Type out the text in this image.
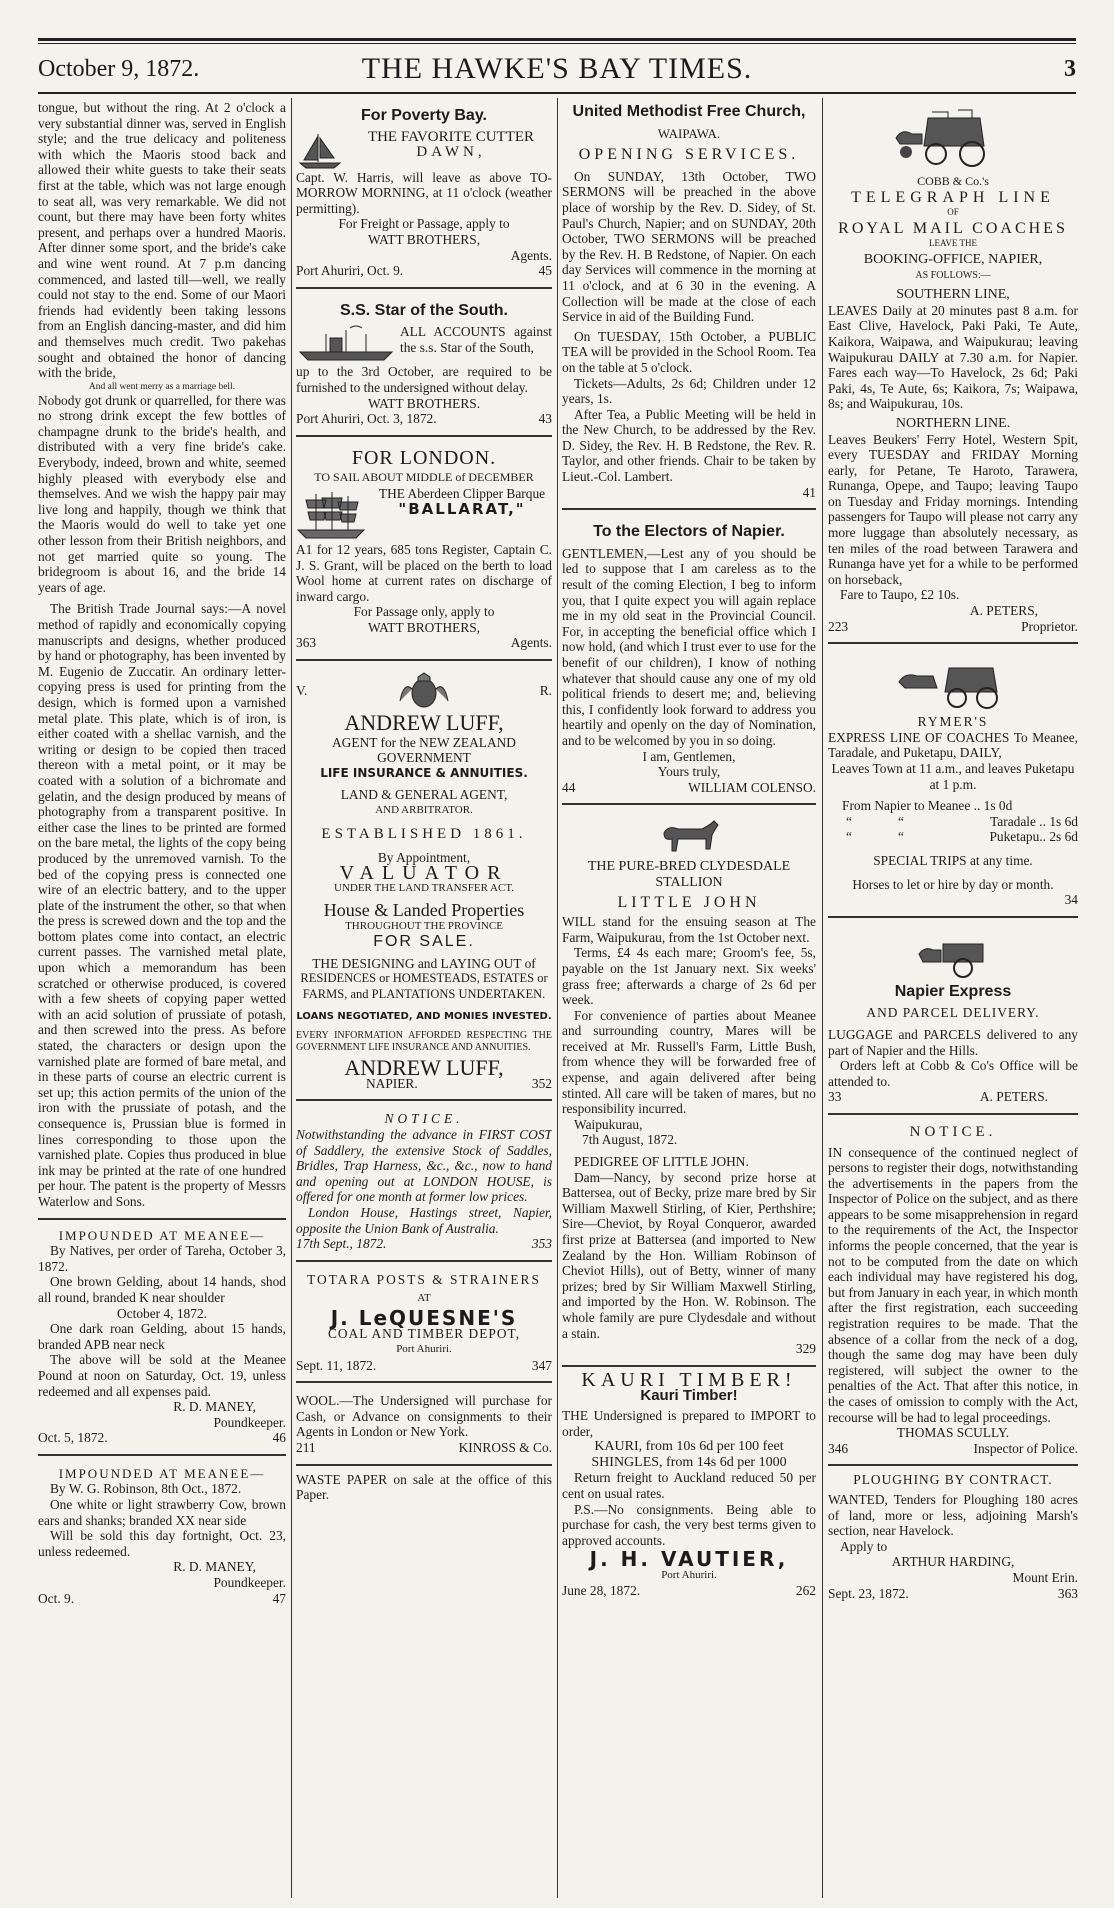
October 9, 1872.	THE HAWKE'S BAY TIMES.	3

tongue, but without the ring. At 2 o'clock a very substantial dinner was, served in English style; and the true delicacy and politeness with which the Maoris stood back and allowed their white guests to take their seats first at the table, which was not large enough to seat all, was very remarkable. We did not count, but there may have been forty whites present, and perhaps over a hundred Maoris. After dinner some sport, and the bride's cake and wine went round. At 7 p.m dancing commenced, and lasted till—well, we really could not stay to the end. Some of our Maori friends had evidently been taking lessons from an English dancing-master, and did him and themselves much credit. Two pakehas sought and obtained the honor of dancing with the bride,

And all went merry as a marriage bell.

Nobody got drunk or quarrelled, for there was no strong drink except the few bottles of champagne drunk to the bride's health, and distributed with a very fine bride's cake. Everybody, indeed, brown and white, seemed highly pleased with everybody else and themselves. And we wish the happy pair may live long and happily, though we think that the Maoris would do well to take yet one other lesson from their British neighbors, and not get married quite so young. The bridegroom is about 16, and the bride 14 years of age.

The British Trade Journal says:—A novel method of rapidly and economically copying manuscripts and designs, whether produced by hand or photography, has been invented by M. Eugenio de Zuccatir. An ordinary letter-copying press is used for printing from the design, which is formed upon a varnished metal plate. This plate, which is of iron, is either coated with a shellac varnish, and the writing or design to be copied then traced thereon with a metal point, or it may be coated with a solution of a bichromate and gelatin, and the design produced by means of photography from a transparent positive. In either case the lines to be printed are formed on the bare metal, the lights of the copy being produced by the unremoved varnish. To the bed of the copying press is connected one wire of an electric battery, and to the upper plate of the instrument the other, so that when the press is screwed down and the top and the bottom plates come into contact, an electric current passes. The varnished metal plate, upon which a memorandum has been scratched or otherwise produced, is covered with a few sheets of copying paper wetted with an acid solution of prussiate of potash, and then screwed into the press. As before stated, the characters or design upon the varnished plate are formed of bare metal, and in these parts of course an electric current is set up; this action permits of the union of the iron with the prussiate of potash, and the consequence is, Prussian blue is formed in lines corresponding to those upon the varnished plate. Copies thus produced in blue ink may be printed at the rate of one hundred per hour. The patent is the property of Messrs Waterlow and Sons.

IMPOUNDED AT MEANEE—

By Natives, per order of Tareha, October 3, 1872.

One brown Gelding, about 14 hands, shod all round, branded K near shoulder

October 4, 1872.

One dark roan Gelding, about 15 hands, branded APB near neck

The above will be sold at the Meanee Pound at noon on Saturday, Oct. 19, unless redeemed and all expenses paid.

R. D. MANEY,

Poundkeeper.

Oct. 5, 1872.	46

IMPOUNDED AT MEANEE—

By W. G. Robinson, 8th Oct., 1872.

One white or light strawberry Cow, brown ears and shanks; branded XX near side

Will be sold this day fortnight, Oct. 23, unless redeemed.

R. D. MANEY,

Poundkeeper.

Oct. 9.	47
For Poverty Bay.

THE FAVORITE CUTTER

DAWN,

Capt. W. Harris, will leave as above TO-MORROW MORNING, at 11 o'clock (weather permitting).

For Freight or Passage, apply to

WATT BROTHERS,

Agents.

Port Ahuriri, Oct. 9.	45
S.S. Star of the South.

ALL ACCOUNTS against the s.s. Star of the South,

up to the 3rd October, are required to be furnished to the undersigned without delay.

WATT BROTHERS.

Port Ahuriri, Oct. 3, 1872.	43

FOR LONDON.

TO SAIL ABOUT MIDDLE of DECEMBER

THE Aberdeen Clipper Barque

"BALLARAT,"

A1 for 12 years, 685 tons Register, Captain C. J. S. Grant, will be placed on the berth to load Wool home at current rates on discharge of inward cargo.

For Passage only, apply to

WATT BROTHERS,

363	Agents.
V.	R.

ANDREW LUFF,

AGENT for the NEW ZEALAND GOVERNMENT

LIFE INSURANCE & ANNUITIES.

LAND & GENERAL AGENT,

AND ARBITRATOR.

ESTABLISHED 1861.

By Appointment,

VALUATOR

UNDER THE LAND TRANSFER ACT.

House & Landed Properties

THROUGHOUT THE PROVINCE

FOR SALE.

THE DESIGNING and LAYING OUT of

RESIDENCES or HOMESTEADS, ESTATES or FARMS, and PLANTATIONS UNDERTAKEN.

LOANS NEGOTIATED, AND MONIES INVESTED.

EVERY INFORMATION AFFORDED RESPECTING THE GOVERNMENT LIFE INSURANCE AND ANNUITIES.

ANDREW LUFF,

NAPIER.	352

NOTICE.

Notwithstanding the advance in FIRST COST of Saddlery, the extensive Stock of Saddles, Bridles, Trap Harness, &c., &c., now to hand and opening out at LONDON HOUSE, is offered for one month at former low prices.

London House, Hastings street, Napier, opposite the Union Bank of Australia.

17th Sept., 1872.	353

TOTARA POSTS & STRAINERS

AT

J. LeQUESNE'S

COAL AND TIMBER DEPOT,

Port Ahuriri.

Sept. 11, 1872.	347

WOOL.—The Undersigned will purchase for Cash, or Advance on consignments to their Agents in London or New York.

211	KINROSS & Co.

WASTE PAPER on sale at the office of this Paper.

United Methodist Free Church,

WAIPAWA.

OPENING SERVICES.

On SUNDAY, 13th October, TWO SERMONS will be preached in the above place of worship by the Rev. D. Sidey, of St. Paul's Church, Napier; and on SUNDAY, 20th October, TWO SERMONS will be preached by the Rev. H. B Redstone, of Napier. On each day Services will commence in the morning at 11 o'clock, and at 6 30 in the evening. A Collection will be made at the close of each Service in aid of the Building Fund.

On TUESDAY, 15th October, a PUBLIC TEA will be provided in the School Room. Tea on the table at 5 o'clock.

Tickets—Adults, 2s 6d; Children under 12 years, 1s.

After Tea, a Public Meeting will be held in the New Church, to be addressed by the Rev. D. Sidey, the Rev. H. B Redstone, the Rev. R. Taylor, and other friends. Chair to be taken by Lieut.-Col. Lambert.

41

To the Electors of Napier.

GENTLEMEN,—Lest any of you should be led to suppose that I am careless as to the result of the coming Election, I beg to inform you, that I quite expect you will again replace me in my old seat in the Provincial Council. For, in accepting the beneficial office which I now hold, (and which I trust ever to use for the benefit of our children), I know of nothing whatever that should cause any one of my old political friends to desert me; and, believing this, I confidently look forward to address you heartily and openly on the day of Nomination, and to be welcomed by you in so doing.

I am, Gentlemen,

Yours truly,

44	WILLIAM COLENSO.

THE PURE-BRED CLYDESDALE STALLION

LITTLE JOHN

WILL stand for the ensuing season at The Farm, Waipukurau, from the 1st October next.

Terms, £4 4s each mare; Groom's fee, 5s, payable on the 1st January next. Six weeks' grass free; afterwards a charge of 2s 6d per week.

For convenience of parties about Meanee and surrounding country, Mares will be received at Mr. Russell's Farm, Little Bush, from whence they will be forwarded free of expense, and again delivered after being stinted. All care will be taken of mares, but no responsibility incurred.

Waipukurau,

7th August, 1872.

PEDIGREE OF LITTLE JOHN.

Dam—Nancy, by second prize horse at Battersea, out of Becky, prize mare bred by Sir William Maxwell Stirling, of Kier, Perthshire; Sire—Cheviot, by Royal Conqueror, awarded first prize at Battersea (and imported to New Zealand by the Hon. William Robinson of Cheviot Hills), out of Betty, winner of many prizes; bred by Sir William Maxwell Stirling, and imported by the Hon. W. Robinson. The whole family are pure Clydesdale and without a stain.

329

KAURI TIMBER!

Kauri Timber!

THE Undersigned is prepared to IMPORT to order,

KAURI, from 10s 6d per 100 feet

SHINGLES, from 14s 6d per 1000

Return freight to Auckland reduced 50 per cent on usual rates.

P.S.—No consignments. Being able to purchase for cash, the very best terms given to approved accounts.

J. H. VAUTIER,

Port Ahuriri.

June 28, 1872.	262

COBB & Co.'s

TELEGRAPH LINE

OF

ROYAL MAIL COACHES

LEAVE THE

BOOKING-OFFICE, NAPIER,

AS FOLLOWS:—

SOUTHERN LINE,

LEAVES Daily at 20 minutes past 8 a.m. for East Clive, Havelock, Paki Paki, Te Aute, Kaikora, Waipawa, and Waipukurau; leaving Waipukurau DAILY at 7.30 a.m. for Napier. Fares each way—To Havelock, 2s 6d; Paki Paki, 4s, Te Aute, 6s; Kaikora, 7s; Waipawa, 8s; and Waipukurau, 10s.

NORTHERN LINE.

Leaves Beukers' Ferry Hotel, Western Spit, every TUESDAY and FRIDAY Morning early, for Petane, Te Haroto, Tarawera, Runanga, Opepe, and Taupo; leaving Taupo on Tuesday and Friday mornings. Intending passengers for Taupo will please not carry any more luggage than absolutely necessary, as ten miles of the road between Tarawera and Runanga have yet for a while to be performed on horseback,

Fare to Taupo, £2 10s.

A. PETERS,

223	Proprietor.

RYMER'S

EXPRESS LINE OF COACHES To Meanee, Taradale, and Puketapu, DAILY,

Leaves Town at 11 a.m., and leaves Puketapu at 1 p.m.

From Napier to Meanee .. 1s 0d

“	“	Taradale .. 1s 6d
“	“	Puketapu.. 2s 6d

SPECIAL TRIPS at any time.

Horses to let or hire by day or month.

34

Napier Express

AND PARCEL DELIVERY.

LUGGAGE and PARCELS delivered to any part of Napier and the Hills.

Orders left at Cobb & Co's Office will be attended to.

33	A. PETERS.

NOTICE.

IN consequence of the continued neglect of persons to register their dogs, notwithstanding the advertisements in the papers from the Inspector of Police on the subject, and as there appears to be some misapprehension in regard to the requirements of the Act, the Inspector informs the people concerned, that the year is not to be computed from the date on which each individual may have registered his dog, but from January in each year, in which month after the first registration, each succeeding registration requires to be made. That the absence of a collar from the neck of a dog, though the same dog may have been duly registered, will subject the owner to the penalties of the Act. That after this notice, in the cases of omission to comply with the Act, recourse will be had to legal proceedings.

THOMAS SCULLY.

346	Inspector of Police.

PLOUGHING BY CONTRACT.

WANTED, Tenders for Ploughing 180 acres of land, more or less, adjoining Marsh's section, near Havelock.

Apply to

ARTHUR HARDING,

Mount Erin.

Sept. 23, 1872.	363
